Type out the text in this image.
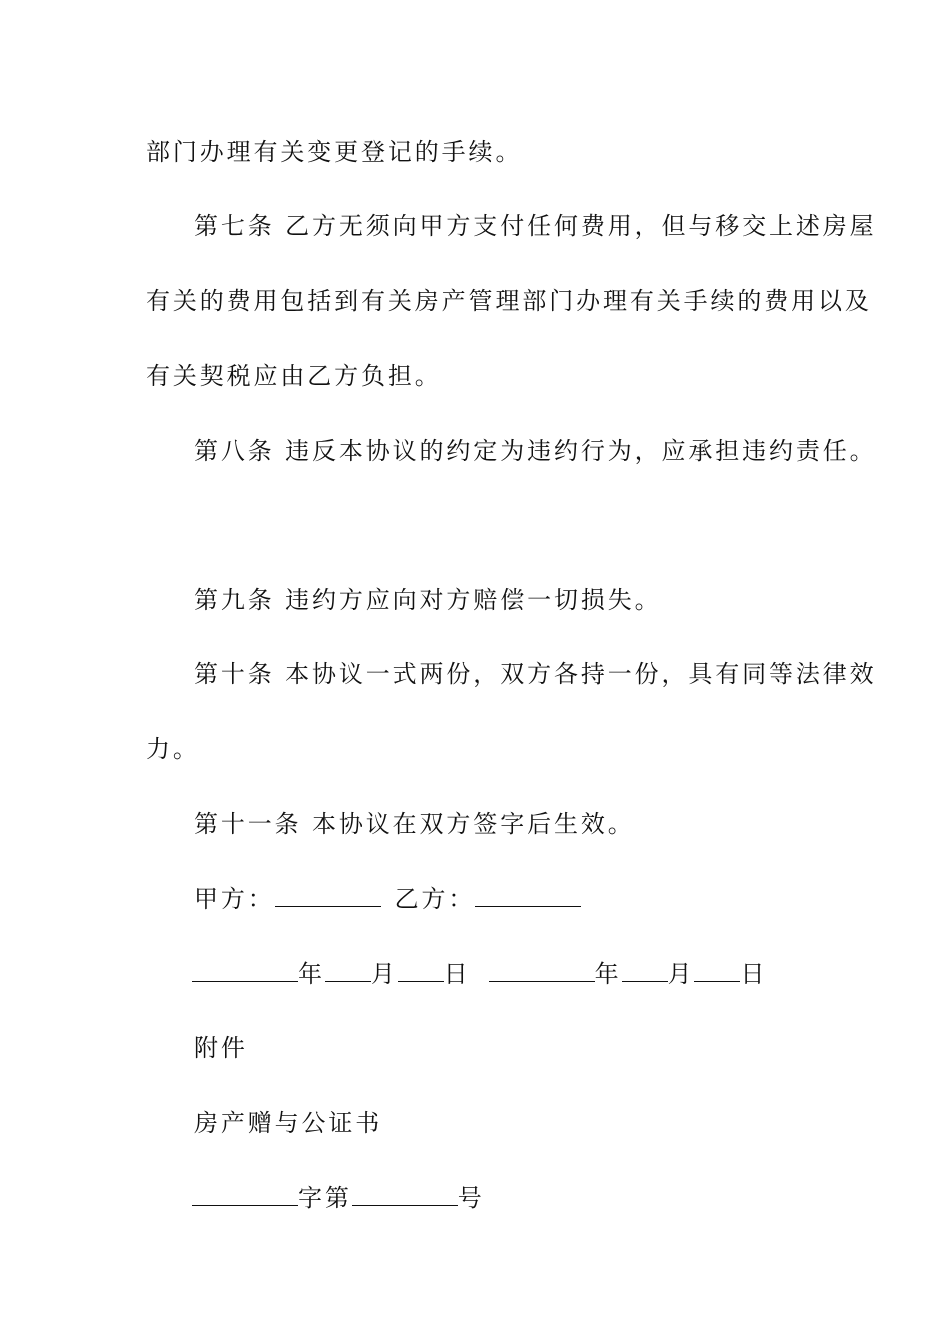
部门办理有关变更登记的手续。
第七条 乙方无须向甲方支付任何费用，但与移交上述房屋
有关的费用包括到有关房产管理部门办理有关手续的费用以及
有关契税应由乙方负担。
第八条 违反本协议的约定为违约行为，应承担违约责任。
第九条 违约方应向对方赔偿一切损失。
第十条 本协议一式两份，双方各持一份，具有同等法律效
力。
第十一条 本协议在双方签字后生效。
甲方：	乙方：
年 月 日	年 月 日
附件
房产赠与公证书
字第	号
